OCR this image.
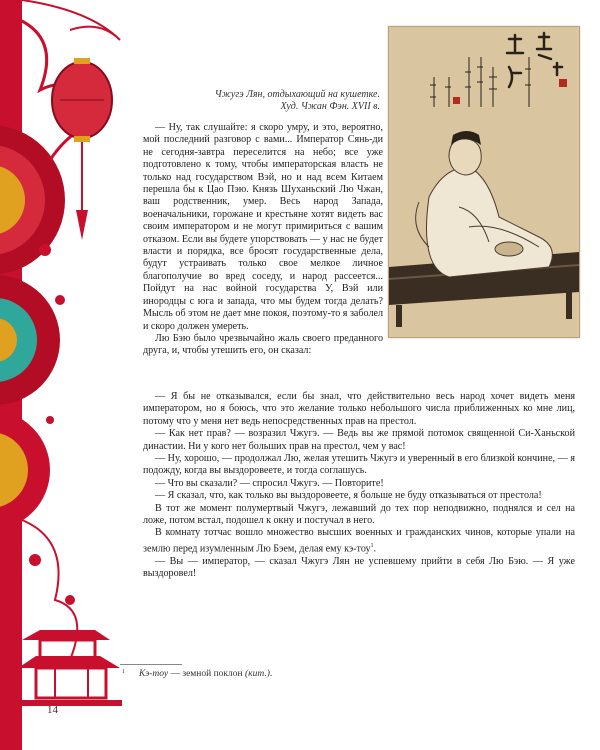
Чжугэ Лян, отдыхающий на кушетке.
Худ. Чжан Фэн. XVII в.

— Ну, так слушайте: я скоро умру, и это, вероятно, мой последний разговор с вами... Император Сянь-ди не сегодня-завтра переселится на небо; все уже подготовлено к тому, чтобы императорская власть не только над государством Вэй, но и над всем Китаем перешла бы к Цао Пэю. Князь Шуханьский Лю Чжан, ваш родственник, умер. Весь народ Запада, военачальники, горожане и крестьяне хотят видеть вас своим императором и не могут примириться с вашим отказом. Если вы будете упорствовать — у нас не будет власти и порядка, все бросят государственные дела, будут устраивать только свое мелкое личное благополучие во вред соседу, и народ рассеется... Пойдут на нас войной государства У, Вэй или инородцы с юга и запада, что мы будем тогда делать? Мысль об этом не дает мне покоя, поэтому-то я заболел и скоро должен умереть.

Лю Бэю было чрезвычайно жаль своего преданного друга, и, чтобы утешить его, он сказал:

— Я бы не отказывался, если бы знал, что действительно весь народ хочет видеть меня императором, но я боюсь, что это желание только небольшого числа приближенных ко мне лиц, потому что у меня нет ведь непосредственных прав на престол.

— Как нет прав? — возразил Чжугэ. — Ведь вы же прямой потомок священной Си-Ханьской династии. Ни у кого нет больших прав на престол, чем у вас!

— Ну, хорошо, — продолжал Лю, желая утешить Чжугэ и уверенный в его близкой кончине, — я подожду, когда вы выздоровеете, и тогда соглашусь.

— Что вы сказали? — спросил Чжугэ. — Повторите!

— Я сказал, что, как только вы выздоровеете, я больше не буду отказываться от престола!

В тот же момент полумертвый Чжугэ, лежавший до тех пор неподвижно, поднялся и сел на ложе, потом встал, подошел к окну и постучал в него.

В комнату тотчас вошло множество высших военных и гражданских чинов, которые упали на землю перед изумленным Лю Бэем, делая ему кэ-тоу$^1$.

— Вы — император, — сказал Чжугэ Лян не успевшему прийти в себя Лю Бэю. — Я уже выздоровел!

$^1$ Кэ-тоу — земной поклон (кит.).
14
